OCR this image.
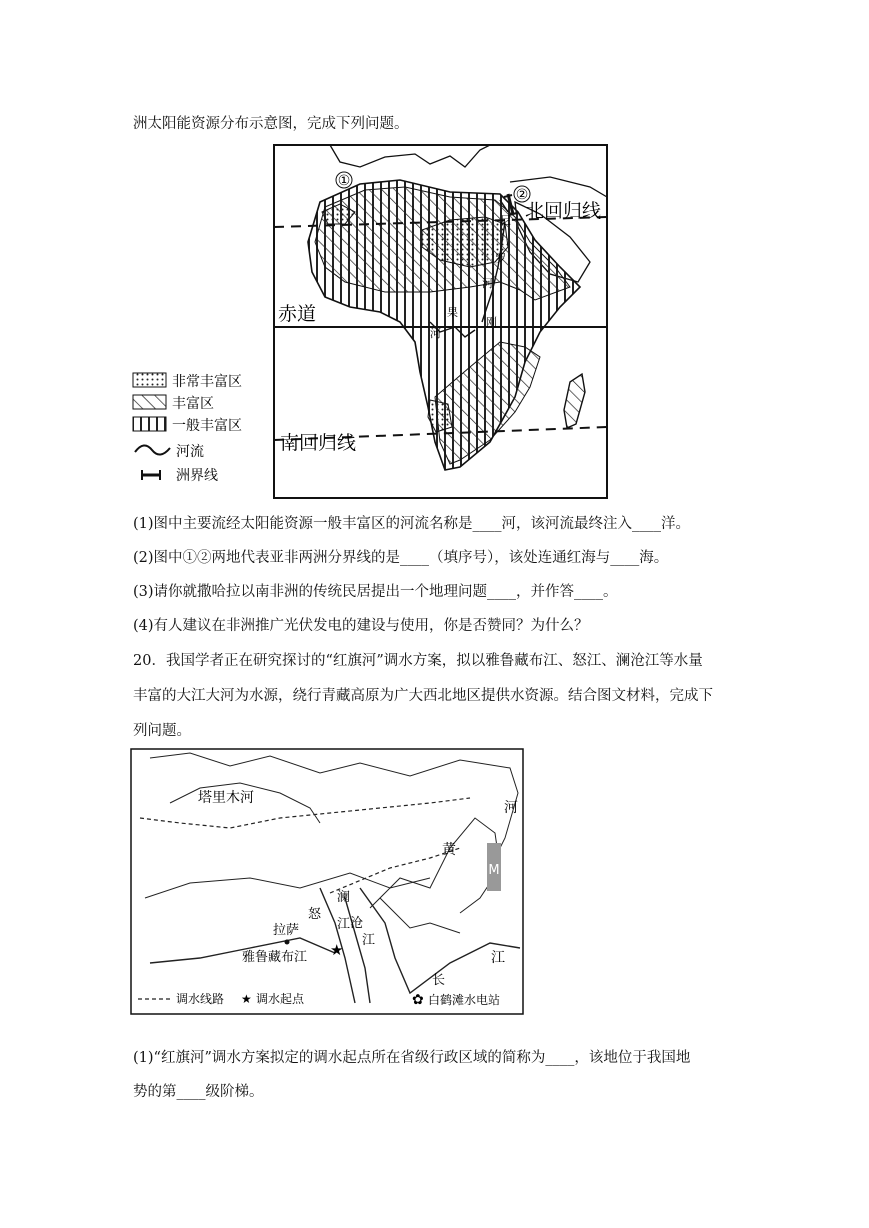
洲太阳能资源分布示意图，完成下列问题。
①
②
北回归线
赤道
南回归线
尼
罗
河
刚
果
河
非常丰富区
丰富区
一般丰富区
河流
洲界线
(1)图中主要流经太阳能资源一般丰富区的河流名称是____河，该河流最终注入____洋。
(2)图中①②两地代表亚非两洲分界线的是____（填序号），该处连通红海与____海。
(3)请你就撒哈拉以南非洲的传统民居提出一个地理问题____，并作答____。
(4)有人建议在非洲推广光伏发电的建设与使用，你是否赞同？为什么？
20．我国学者正在研究探讨的“红旗河”调水方案，拟以雅鲁藏布江、怒江、澜沧江等水量
丰富的大江大河为水源，绕行青藏高原为广大西北地区提供水资源。结合图文材料，完成下
列问题。
M
塔里木河
河
黄
澜
怒
江 沧
江
江
拉萨
雅鲁藏布江 ★
长
调水线路 ★ 调水起点	✿ 白鹤滩水电站
(1)“红旗河”调水方案拟定的调水起点所在省级行政区域的简称为____，该地位于我国地
势的第____级阶梯。
